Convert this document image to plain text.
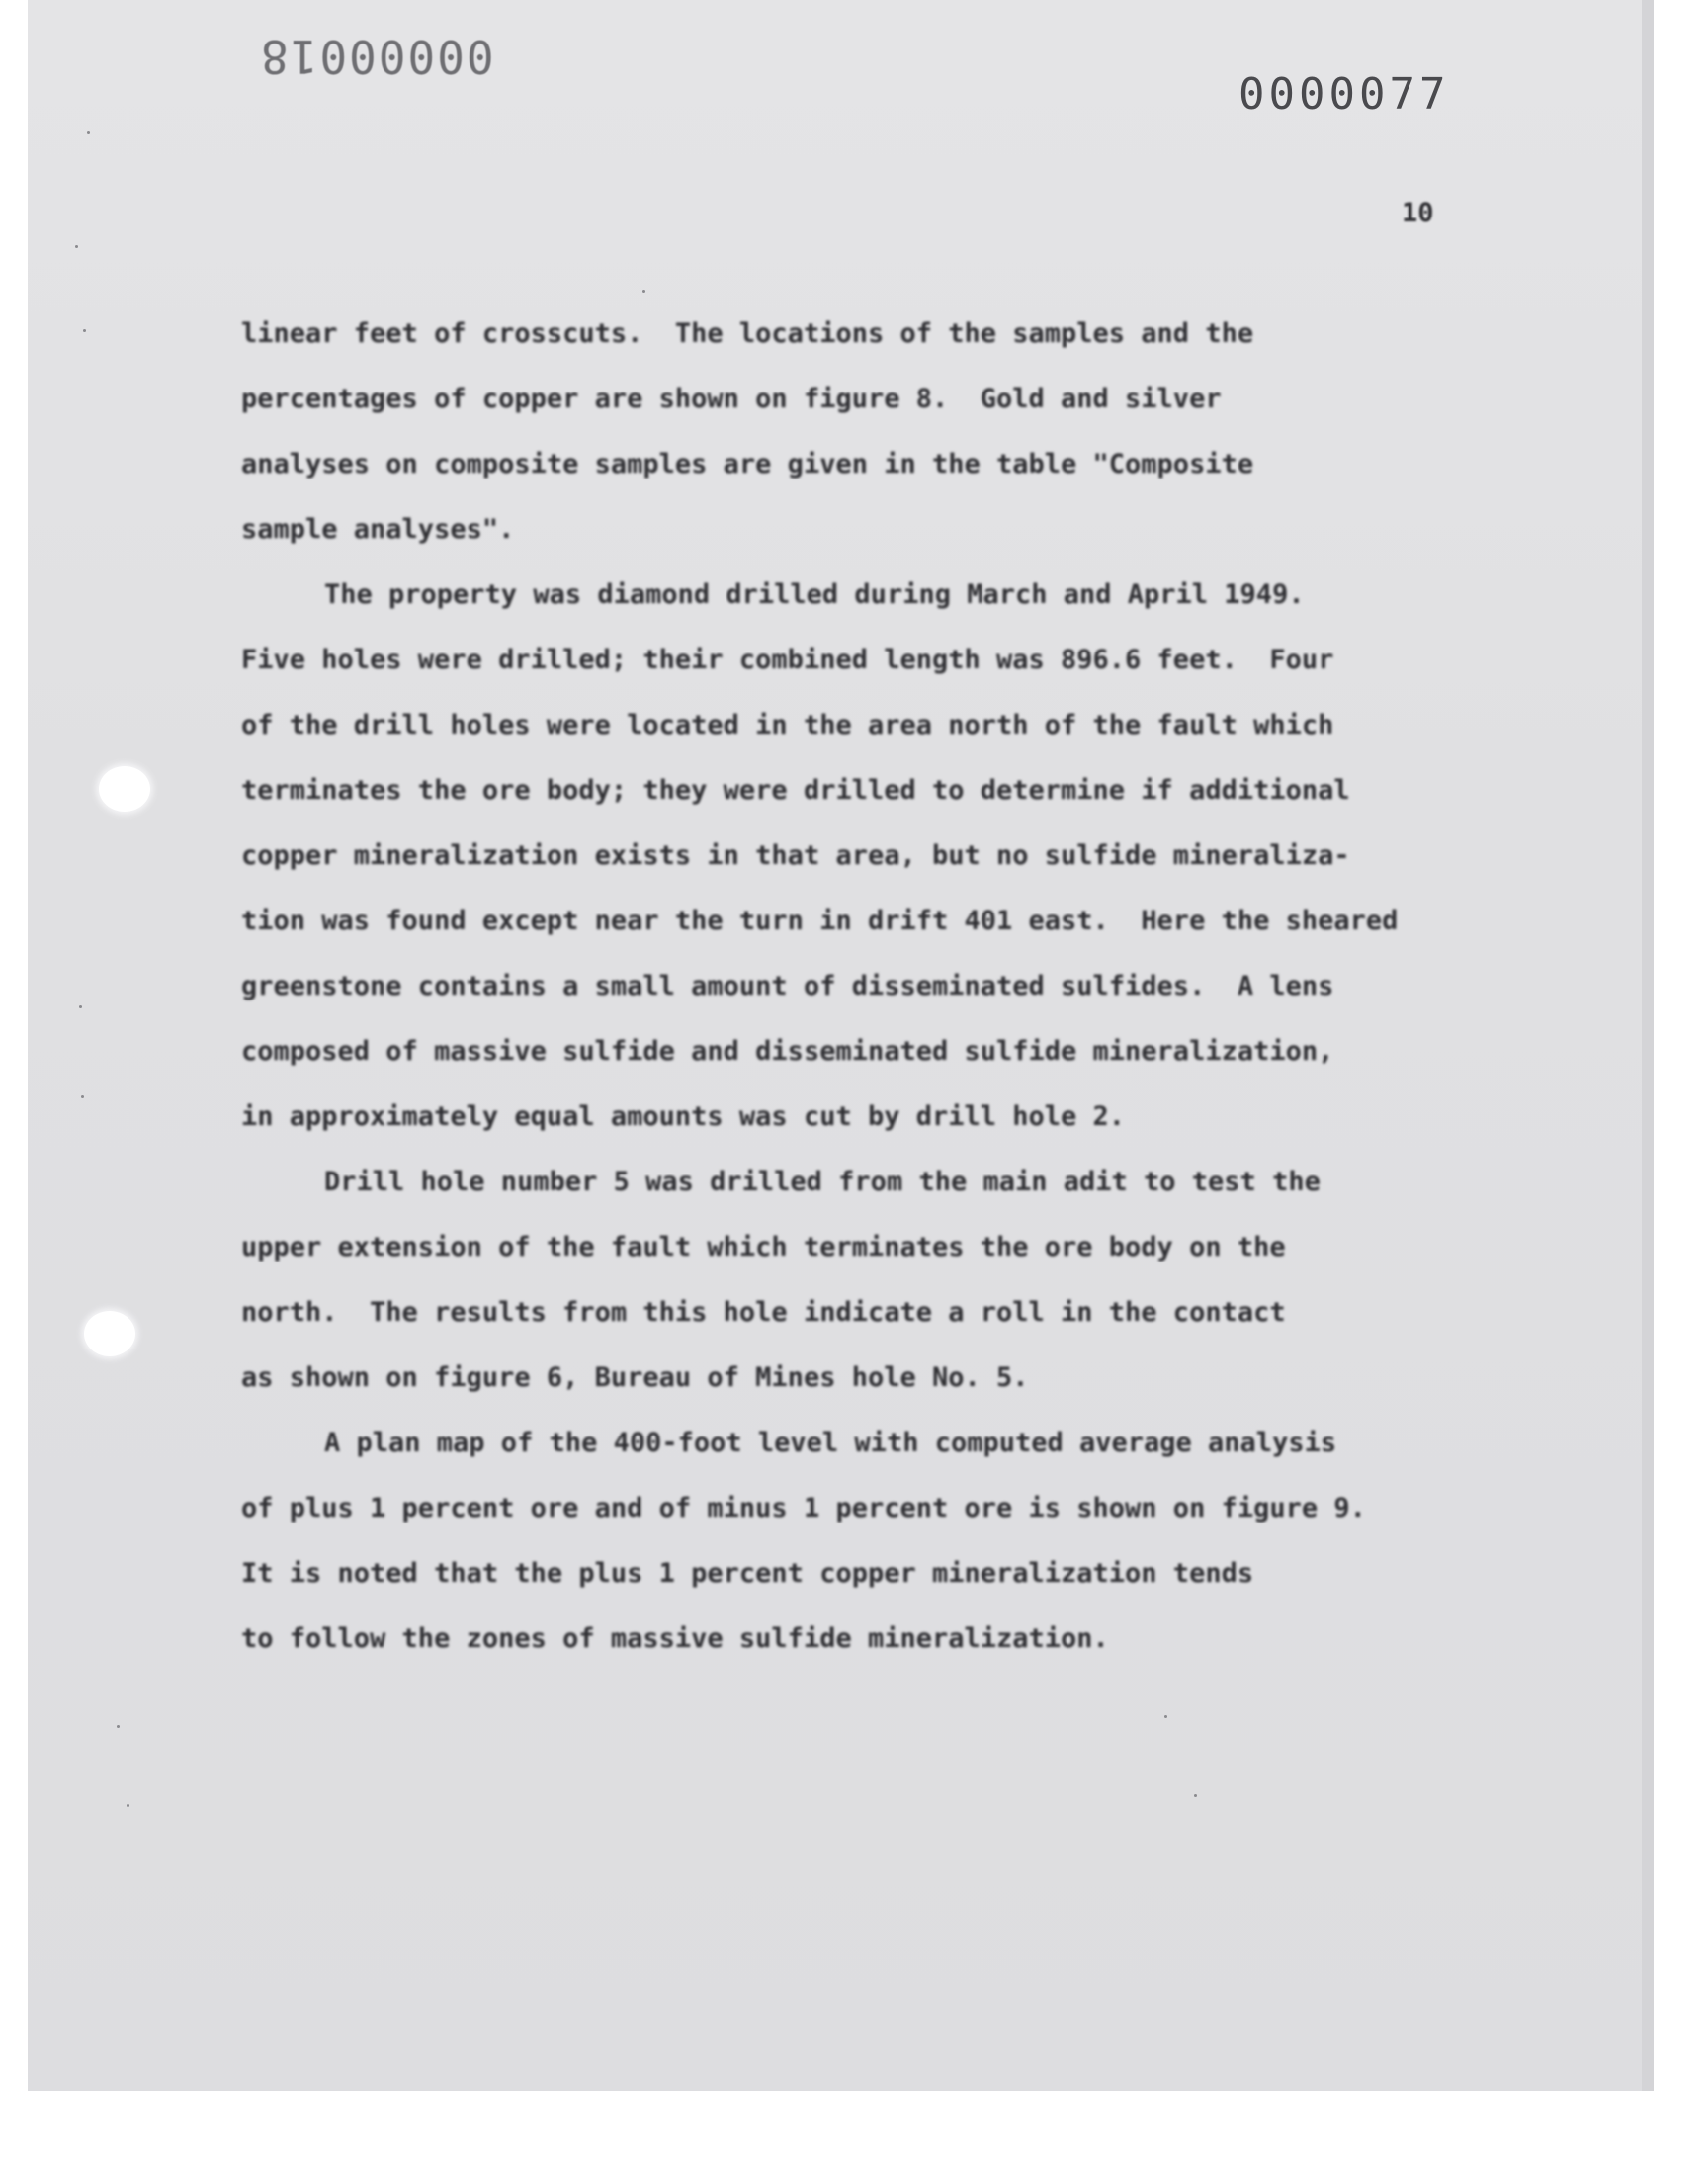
00000018
0000077
10
linear feet of crosscuts.  The locations of the samples and the
percentages of copper are shown on figure 8.  Gold and silver
analyses on composite samples are given in the table "Composite
sample analyses".
The property was diamond drilled during March and April 1949.
Five holes were drilled; their combined length was 896.6 feet.  Four
of the drill holes were located in the area north of the fault which
terminates the ore body; they were drilled to determine if additional
copper mineralization exists in that area, but no sulfide mineraliza-
tion was found except near the turn in drift 401 east.  Here the sheared
greenstone contains a small amount of disseminated sulfides.  A lens
composed of massive sulfide and disseminated sulfide mineralization,
in approximately equal amounts was cut by drill hole 2.
Drill hole number 5 was drilled from the main adit to test the
upper extension of the fault which terminates the ore body on the
north.  The results from this hole indicate a roll in the contact
as shown on figure 6, Bureau of Mines hole No. 5.
A plan map of the 400-foot level with computed average analysis
of plus 1 percent ore and of minus 1 percent ore is shown on figure 9.
It is noted that the plus 1 percent copper mineralization tends
to follow the zones of massive sulfide mineralization.
